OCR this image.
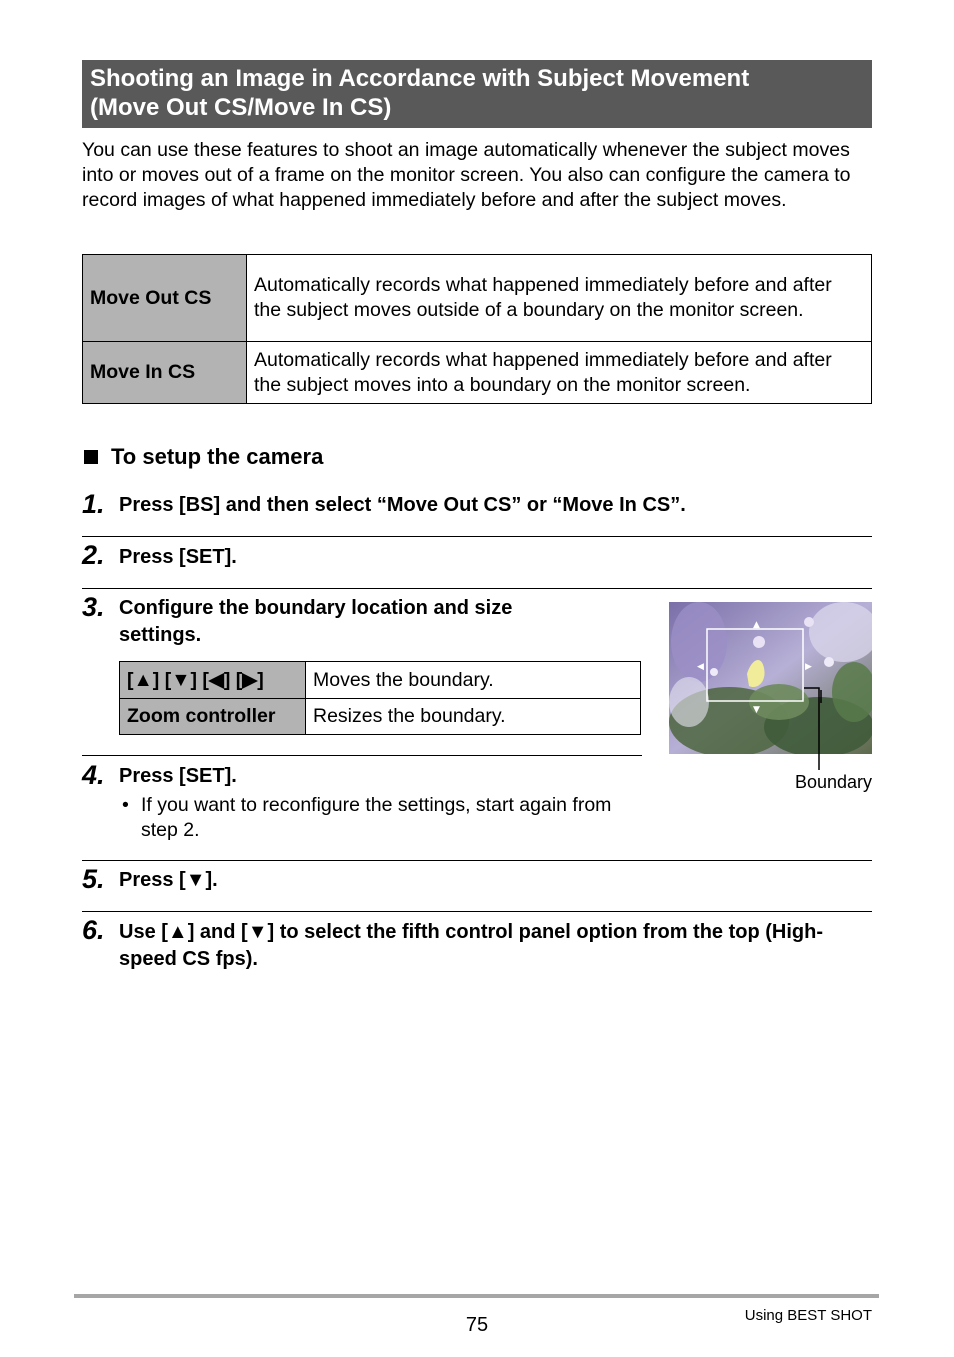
Shooting an Image in Accordance with Subject Movement
(Move Out CS/Move In CS)
You can use these features to shoot an image automatically whenever the subject moves into or moves out of a frame on the monitor screen. You also can configure the camera to record images of what happened immediately before and after the subject moves.
Move Out CS	Automatically records what happened immediately before and after the subject moves outside of a boundary on the monitor screen.
Move In CS	Automatically records what happened immediately before and after the subject moves into a boundary on the monitor screen.
To setup the camera
1. Press [BS] and then select “Move Out CS” or “Move In CS”.
2. Press [SET].
3. Configure the boundary location and size settings.
[▲] [▼] [◀] [▶]	Moves the boundary.
Zoom controller	Resizes the boundary.
▲
▼
◀	▶
Boundary
4. Press [SET].
• If you want to reconfigure the settings, start again from step 2.
5. Press [▼].
6. Use [▲] and [▼] to select the fifth control panel option from the top (High-speed CS fps).
75	Using BEST SHOT
